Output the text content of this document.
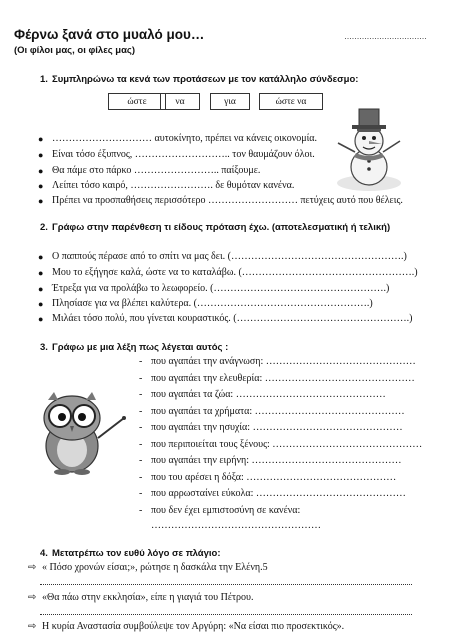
Φέρνω ξανά στο μυαλό μου…	……………………………
(Οι φίλοι μας, οι φίλες μας)
1. Συμπληρώνω τα κενά των προτάσεων με τον κατάλληλο σύνδεσμο:
ώστε	να	για	ώστε να
● ………………………… αυτοκίνητο, πρέπει να κάνεις οικονομία.
● Είναι τόσο έξυπνος, ……………………….. τον θαυμάζουν όλοι.
● Θα πάμε στο πάρκο …………………….. παίξουμε.
● Λείπει τόσο καιρό, ……………………. δε θυμόταν κανένα.
● Πρέπει να προσπαθήσεις περισσότερο ……………………… πετύχεις αυτό που θέλεις.
2. Γράφω στην παρένθεση τι είδους πρόταση έχω. (αποτελεσματική ή τελική)
● Ο παππούς πέρασε από το σπίτι να μας δει. (…………………………………………….)
● Μου το εξήγησε καλά, ώστε να το καταλάβω. (…………………………………………….)
● Έτρεξα για να προλάβω το λεωφορείο. (…………………………………………….)
● Πλησίασε για να βλέπει καλύτερα. (…………………………………………….)
● Μιλάει τόσο πολύ, που γίνεται κουραστικός. (…………………………………………….)
3. Γράφω με μια λέξη πως λέγεται αυτός :
- που αγαπάει την ανάγνωση: ………………………………………
- που αγαπάει την ελευθερία: ………………………………………
- που αγαπάει τα ζώα: ………………………………………
- που αγαπάει τα χρήματα: ………………………………………
- που αγαπάει την ησυχία: ………………………………………
- που περιποιείται τους ξένους: ………………………………………
- που αγαπάει την ειρήνη: ………………………………………
- που του αρέσει η δόξα: ………………………………………
- που αρρωσταίνει εύκολα: ………………………………………
- που δεν έχει εμπιστοσύνη σε κανένα:
……………………………………………
4. Μετατρέπω τον ευθύ λόγο σε πλάγιο:
⇨ « Πόσο χρονών είσαι;», ρώτησε η δασκάλα την Ελένη.5
⇨ «Θα πάω στην εκκλησία», είπε η γιαγιά του Πέτρου.
⇨ Η κυρία Αναστασία συμβούλεψε τον Αργύρη: «Να είσαι πιο προσεκτικός».
